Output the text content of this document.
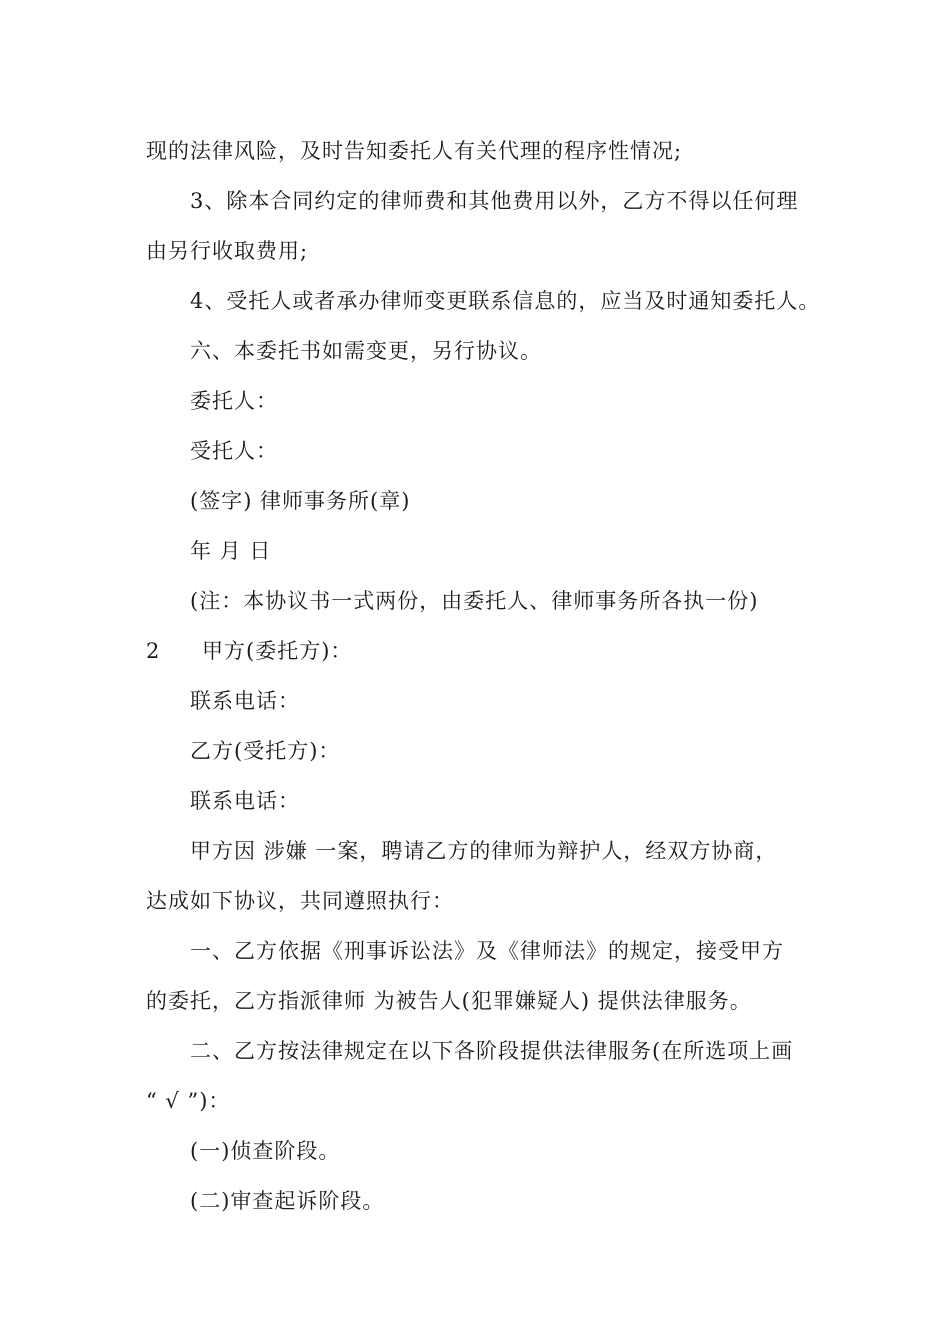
现的法律风险，及时告知委托人有关代理的程序性情况;
3、除本合同约定的律师费和其他费用以外，乙方不得以任何理
由另行收取费用;
4、受托人或者承办律师变更联系信息的，应当及时通知委托人。
六、本委托书如需变更，另行协议。
委托人：
受托人：
(签字) 律师事务所(章)
年 月 日
(注：本协议书一式两份，由委托人、律师事务所各执一份)
2 甲方(委托方)：
联系电话：
乙方(受托方)：
联系电话：
甲方因 涉嫌 一案，聘请乙方的律师为辩护人，经双方协商，
达成如下协议，共同遵照执行：
一、乙方依据《刑事诉讼法》及《律师法》的规定，接受甲方
的委托，乙方指派律师 为被告人(犯罪嫌疑人) 提供法律服务。
二、乙方按法律规定在以下各阶段提供法律服务(在所选项上画
“ √ ”)：
(一)侦查阶段。
(二)审查起诉阶段。
